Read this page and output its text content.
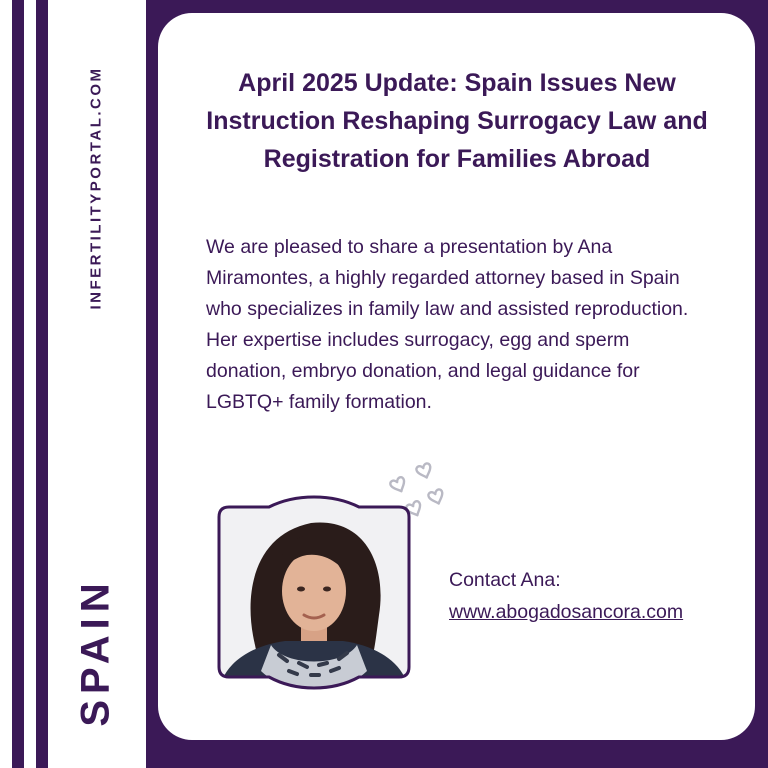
INFERTILITYPORTAL.COM
SPAIN
April 2025 Update: Spain Issues New Instruction Reshaping Surrogacy Law and Registration for Families Abroad

We are pleased to share a presentation by Ana Miramontes, a highly regarded attorney based in Spain who specializes in family law and assisted reproduction. Her expertise includes surrogacy, egg and sperm donation, embryo donation, and legal guidance for LGBTQ+ family formation.

Contact Ana:
www.abogadosancora.com
